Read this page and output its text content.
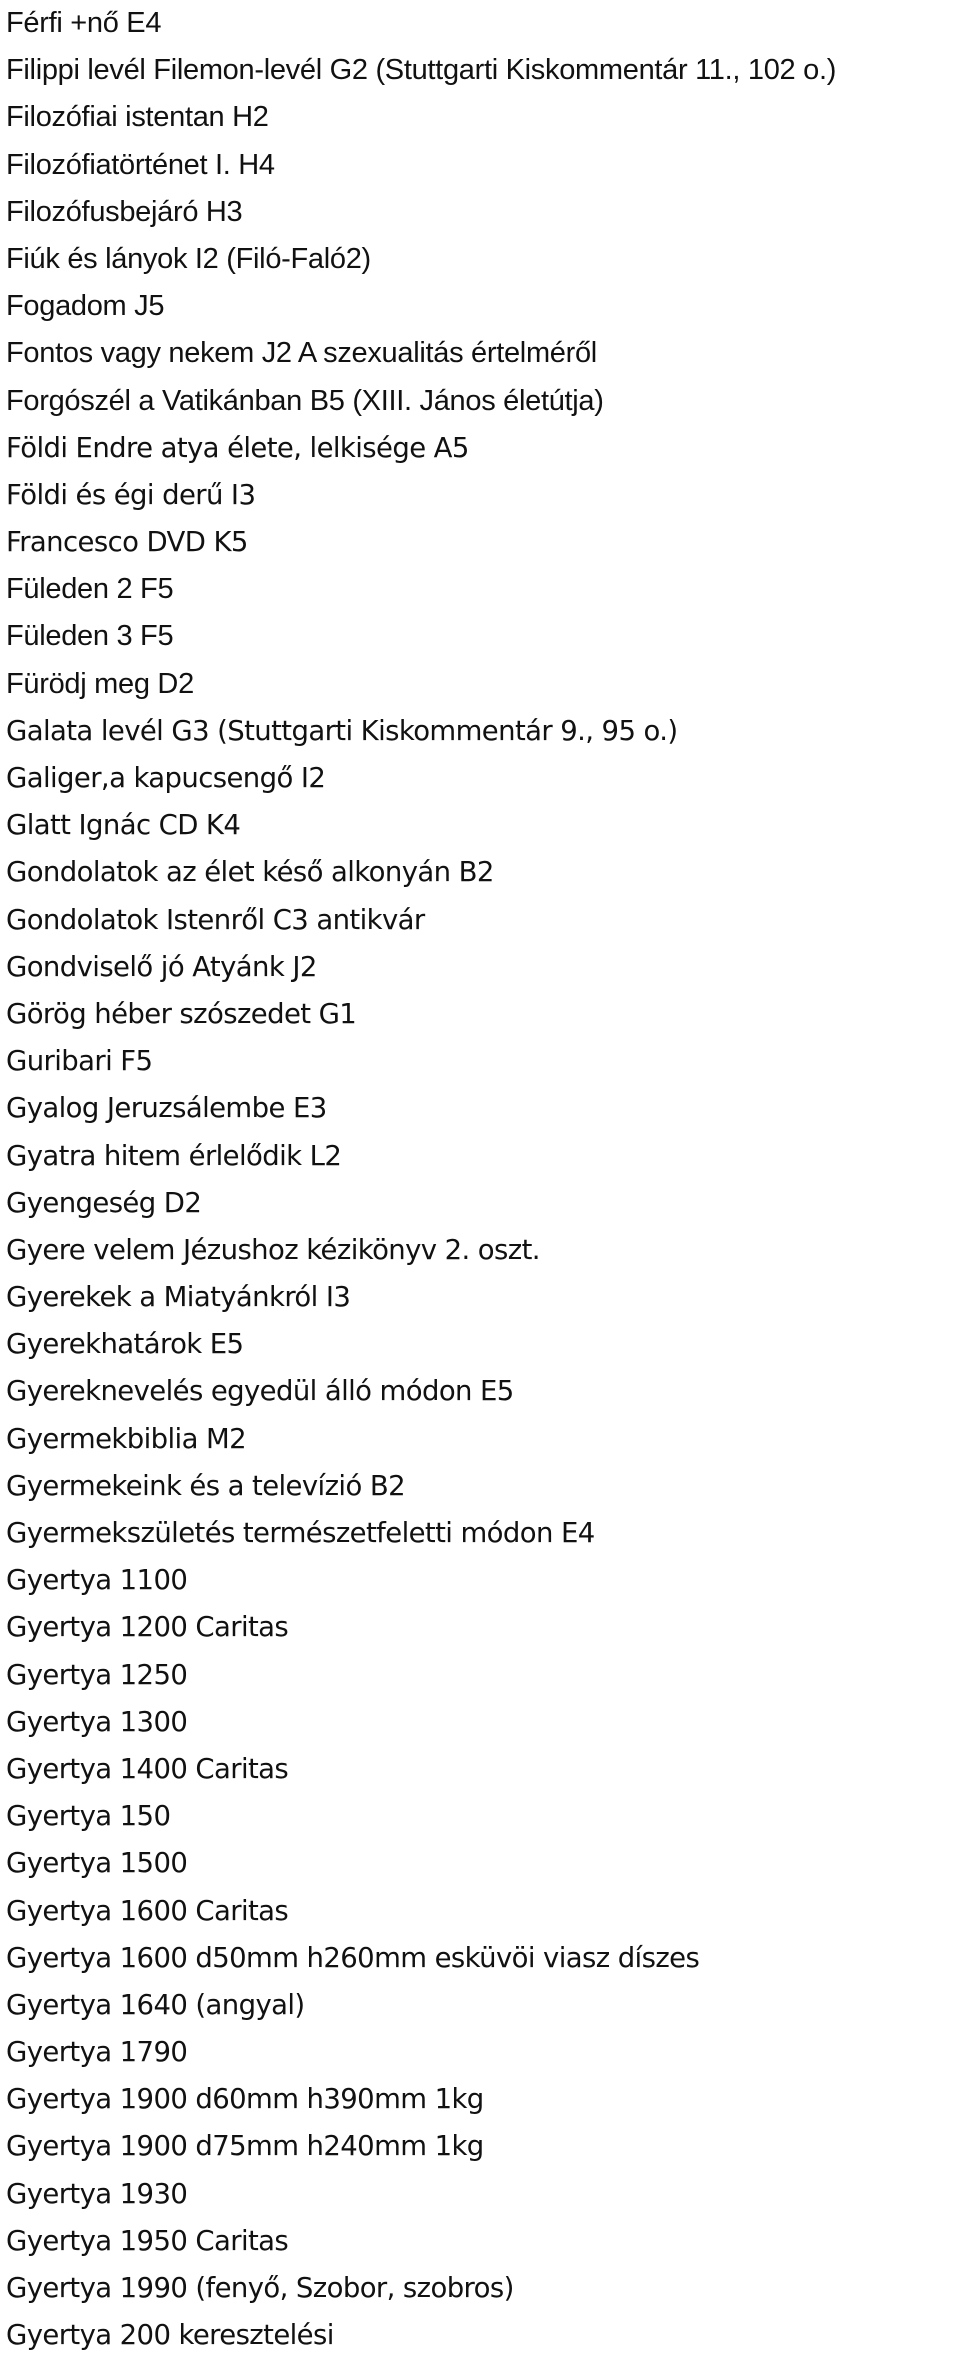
Férfi +nő E4
Filippi levél Filemon-levél G2 (Stuttgarti Kiskommentár 11., 102 o.)
Filozófiai istentan H2
Filozófiatörténet I. H4
Filozófusbejáró H3
Fiúk és lányok I2 (Filó-Faló2)
Fogadom J5
Fontos vagy nekem J2 A szexualitás értelméről
Forgószél a Vatikánban B5 (XIII. János életútja)
Földi Endre atya élete, lelkisége A5
Földi és égi derű I3
Francesco DVD K5
Füleden 2 F5
Füleden 3 F5
Fürödj meg D2
Galata levél G3 (Stuttgarti Kiskommentár 9., 95 o.)
Galiger,a kapucsengő I2
Glatt Ignác CD K4
Gondolatok az élet késő alkonyán B2
Gondolatok Istenről C3 antikvár
Gondviselő jó Atyánk J2
Görög héber szószedet G1
Guribari F5
Gyalog Jeruzsálembe E3
Gyatra hitem érlelődik L2
Gyengeség D2
Gyere velem Jézushoz kézikönyv 2. oszt.
Gyerekek a Miatyánkról I3
Gyerekhatárok E5
Gyereknevelés egyedül álló módon E5
Gyermekbiblia M2
Gyermekeink és a televízió B2
Gyermekszületés természetfeletti módon E4
Gyertya 1100
Gyertya 1200 Caritas
Gyertya 1250
Gyertya 1300
Gyertya 1400 Caritas
Gyertya 150
Gyertya 1500
Gyertya 1600 Caritas
Gyertya 1600 d50mm h260mm esküvöi viasz díszes
Gyertya 1640 (angyal)
Gyertya 1790
Gyertya 1900 d60mm h390mm 1kg
Gyertya 1900 d75mm h240mm 1kg
Gyertya 1930
Gyertya 1950 Caritas
Gyertya 1990 (fenyő, Szobor, szobros)
Gyertya 200 keresztelési
